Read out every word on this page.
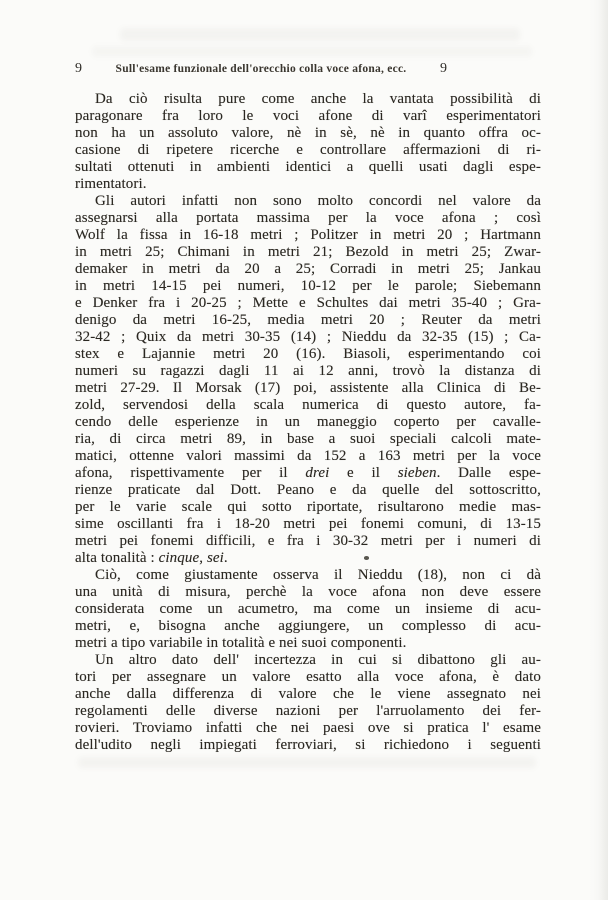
9	Sull'esame funzionale dell'orecchio colla voce afona, ecc.	9
Da ciò risulta pure come anche la vantata possibilità di
paragonare fra loro le voci afone di varî esperimentatori
non ha un assoluto valore, nè in sè, nè in quanto offra oc-
casione di ripetere ricerche e controllare affermazioni di ri-
sultati ottenuti in ambienti identici a quelli usati dagli espe-
rimentatori.
Gli autori infatti non sono molto concordi nel valore da
assegnarsi alla portata massima per la voce afona ; così
Wolf la fissa in 16-18 metri ; Politzer in metri 20 ; Hartmann
in metri 25; Chimani in metri 21; Bezold in metri 25; Zwar-
demaker in metri da 20 a 25; Corradi in metri 25; Jankau
in metri 14-15 pei numeri, 10-12 per le parole; Siebemann
e Denker fra i 20-25 ; Mette e Schultes dai metri 35-40 ; Gra-
denigo da metri 16-25, media metri 20 ; Reuter da metri
32-42 ; Quix da metri 30-35 (14) ; Nieddu da 32-35 (15) ; Ca-
stex e Lajannie metri 20 (16). Biasoli, esperimentando coi
numeri su ragazzi dagli 11 ai 12 anni, trovò la distanza di
metri 27-29. Il Morsak (17) poi, assistente alla Clinica di Be-
zold, servendosi della scala numerica di questo autore, fa-
cendo delle esperienze in un maneggio coperto per cavalle-
ria, di circa metri 89, in base a suoi speciali calcoli mate-
matici, ottenne valori massimi da 152 a 163 metri per la voce
afona, rispettivamente per il drei e il sieben. Dalle espe-
rienze praticate dal Dott. Peano e da quelle del sottoscritto,
per le varie scale qui sotto riportate, risultarono medie mas-
sime oscillanti fra i 18-20 metri pei fonemi comuni, di 13-15
metri pei fonemi difficili, e fra i 30-32 metri per i numeri di
alta tonalità : cinque, sei.
Ciò, come giustamente osserva il Nieddu (18), non ci dà
una unità di misura, perchè la voce afona non deve essere
considerata come un acumetro, ma come un insieme di acu-
metri, e, bisogna anche aggiungere, un complesso di acu-
metri a tipo variabile in totalità e nei suoi componenti.
Un altro dato dell' incertezza in cui si dibattono gli au-
tori per assegnare un valore esatto alla voce afona, è dato
anche dalla differenza di valore che le viene assegnato nei
regolamenti delle diverse nazioni per l'arruolamento dei fer-
rovieri. Troviamo infatti che nei paesi ove si pratica l' esame
dell'udito negli impiegati ferroviari, si richiedono i seguenti
